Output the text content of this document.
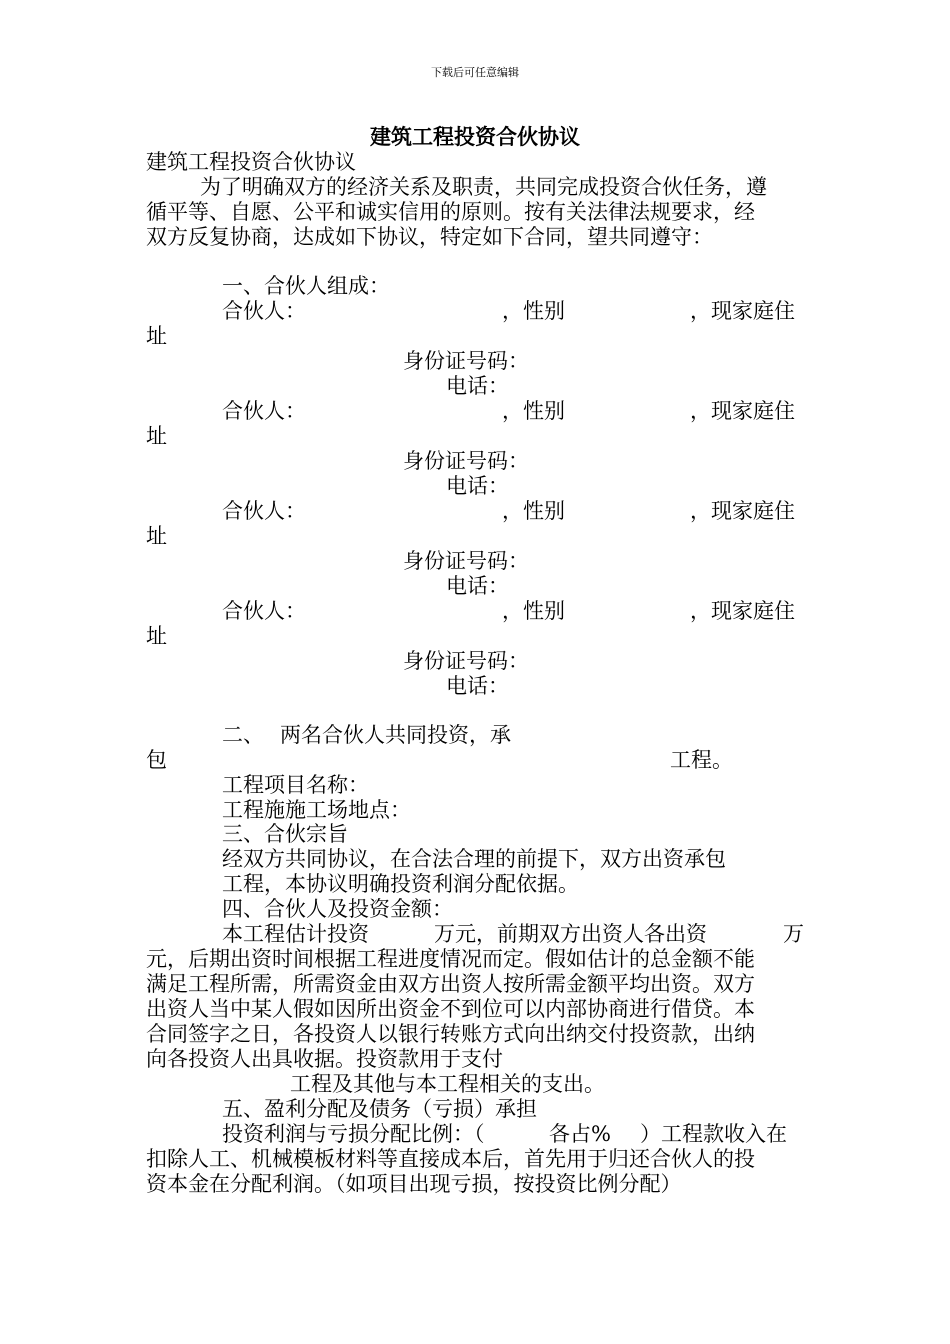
下载后可任意编辑
建筑工程投资合伙协议
建筑工程投资合伙协议
为了明确双方的经济关系及职责，共同完成投资合伙任务，遵
循平等、自愿、公平和诚实信用的原则。按有关法律法规要求，经
双方反复协商，达成如下协议，特定如下合同，望共同遵守：
一、合伙人组成：
合伙人：	，性别	，现家庭住
址
身份证号码：
电话：
合伙人：	，性别	，现家庭住
址
身份证号码：
电话：
合伙人：	，性别	，现家庭住
址
身份证号码：
电话：
合伙人：	，性别	，现家庭住
址
身份证号码：
电话：
二、 两名合伙人共同投资，承
包	工程。
工程项目名称：
工程施施工场地点：
三、合伙宗旨
经双方共同协议，在合法合理的前提下，双方出资承包
工程，本协议明确投资利润分配依据。
四、合伙人及投资金额：
本工程估计投资	万元，前期双方出资人各出资	万
元，后期出资时间根据工程进度情况而定。假如估计的总金额不能
满足工程所需，所需资金由双方出资人按所需金额平均出资。双方
出资人当中某人假如因所出资金不到位可以内部协商进行借贷。本
合同签字之日，各投资人以银行转账方式向出纳交付投资款，出纳
向各投资人出具收据。投资款用于支付
工程及其他与本工程相关的支出。
五、盈利分配及债务（亏损）承担
投资利润与亏损分配比例：（	各占% ）工程款收入在
扣除人工、机械模板材料等直接成本后，首先用于归还合伙人的投
资本金在分配利润。（如项目出现亏损，按投资比例分配）
